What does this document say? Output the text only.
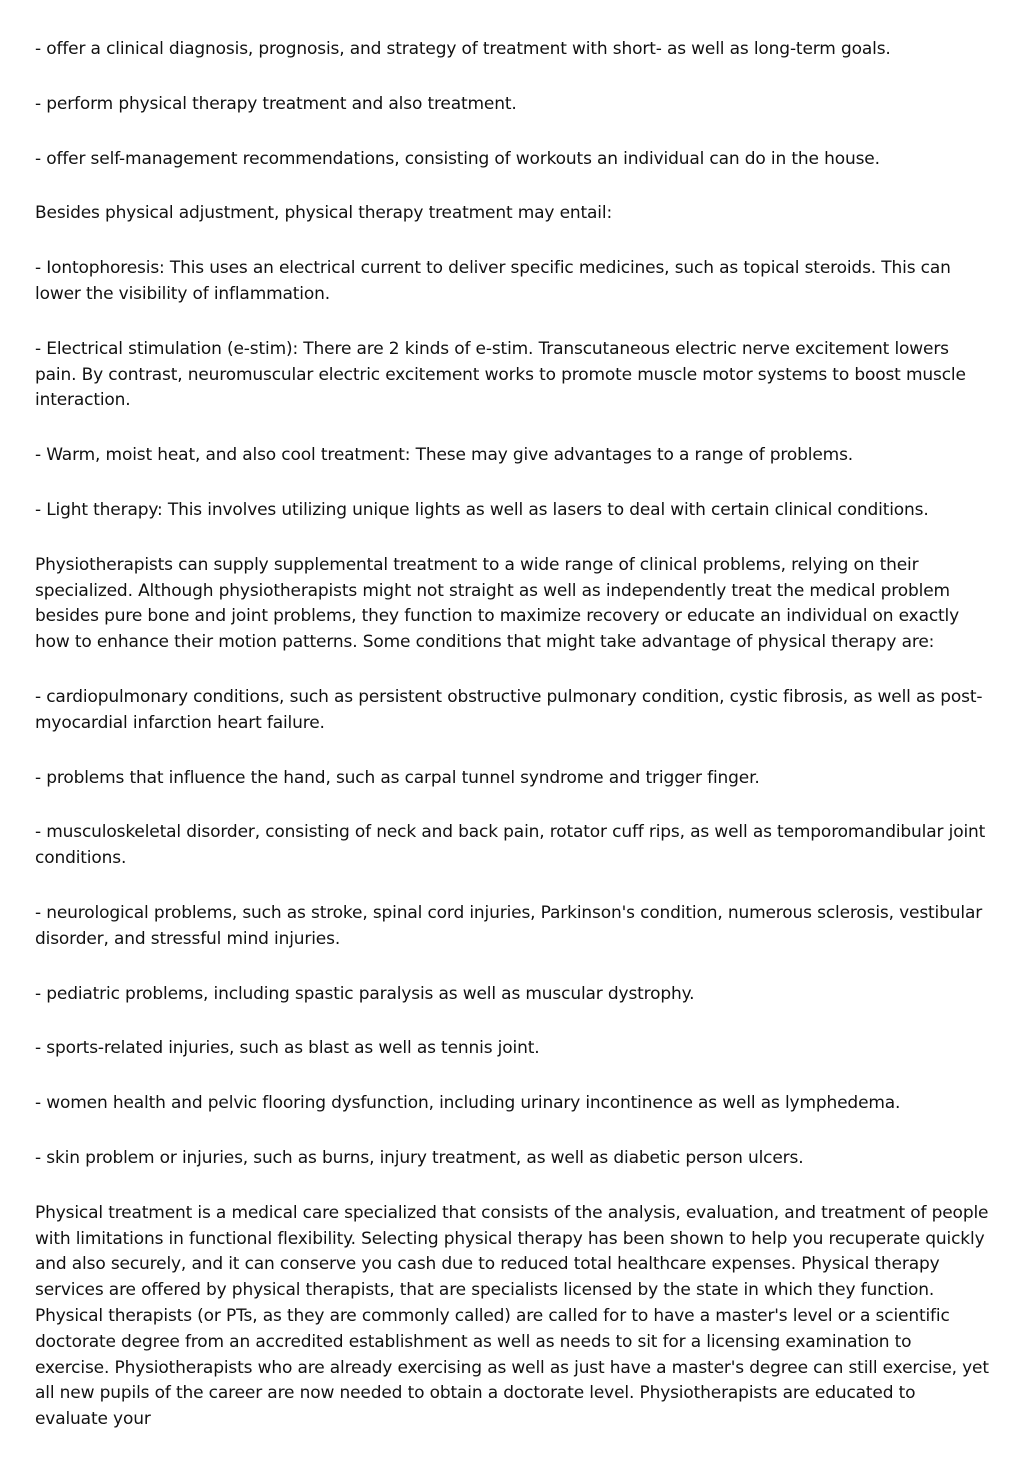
- offer a clinical diagnosis, prognosis, and strategy of treatment with short- as well as long-term goals.

- perform physical therapy treatment and also treatment.

- offer self-management recommendations, consisting of workouts an individual can do in the house.

Besides physical adjustment, physical therapy treatment may entail:

- Iontophoresis: This uses an electrical current to deliver specific medicines, such as topical steroids. This can lower the visibility of inflammation.

- Electrical stimulation (e-stim): There are 2 kinds of e-stim. Transcutaneous electric nerve excitement lowers pain. By contrast, neuromuscular electric excitement works to promote muscle motor systems to boost muscle interaction.

- Warm, moist heat, and also cool treatment: These may give advantages to a range of problems.

- Light therapy: This involves utilizing unique lights as well as lasers to deal with certain clinical conditions.

Physiotherapists can supply supplemental treatment to a wide range of clinical problems, relying on their specialized. Although physiotherapists might not straight as well as independently treat the medical problem besides pure bone and joint problems, they function to maximize recovery or educate an individual on exactly how to enhance their motion patterns. Some conditions that might take advantage of physical therapy are:

- cardiopulmonary conditions, such as persistent obstructive pulmonary condition, cystic fibrosis, as well as post-myocardial infarction heart failure.

- problems that influence the hand, such as carpal tunnel syndrome and trigger finger.

- musculoskeletal disorder, consisting of neck and back pain, rotator cuff rips, as well as temporomandibular joint conditions.

- neurological problems, such as stroke, spinal cord injuries, Parkinson's condition, numerous sclerosis, vestibular disorder, and stressful mind injuries.

- pediatric problems, including spastic paralysis as well as muscular dystrophy.

- sports-related injuries, such as blast as well as tennis joint.

- women health and pelvic flooring dysfunction, including urinary incontinence as well as lymphedema.

- skin problem or injuries, such as burns, injury treatment, as well as diabetic person ulcers.

Physical treatment is a medical care specialized that consists of the analysis, evaluation, and treatment of people with limitations in functional flexibility. Selecting physical therapy has been shown to help you recuperate quickly and also securely, and it can conserve you cash due to reduced total healthcare expenses. Physical therapy services are offered by physical therapists, that are specialists licensed by the state in which they function. Physical therapists (or PTs, as they are commonly called) are called for to have a master's level or a scientific doctorate degree from an accredited establishment as well as needs to sit for a licensing examination to exercise. Physiotherapists who are already exercising as well as just have a master's degree can still exercise, yet all new pupils of the career are now needed to obtain a doctorate level. Physiotherapists are educated to evaluate your
